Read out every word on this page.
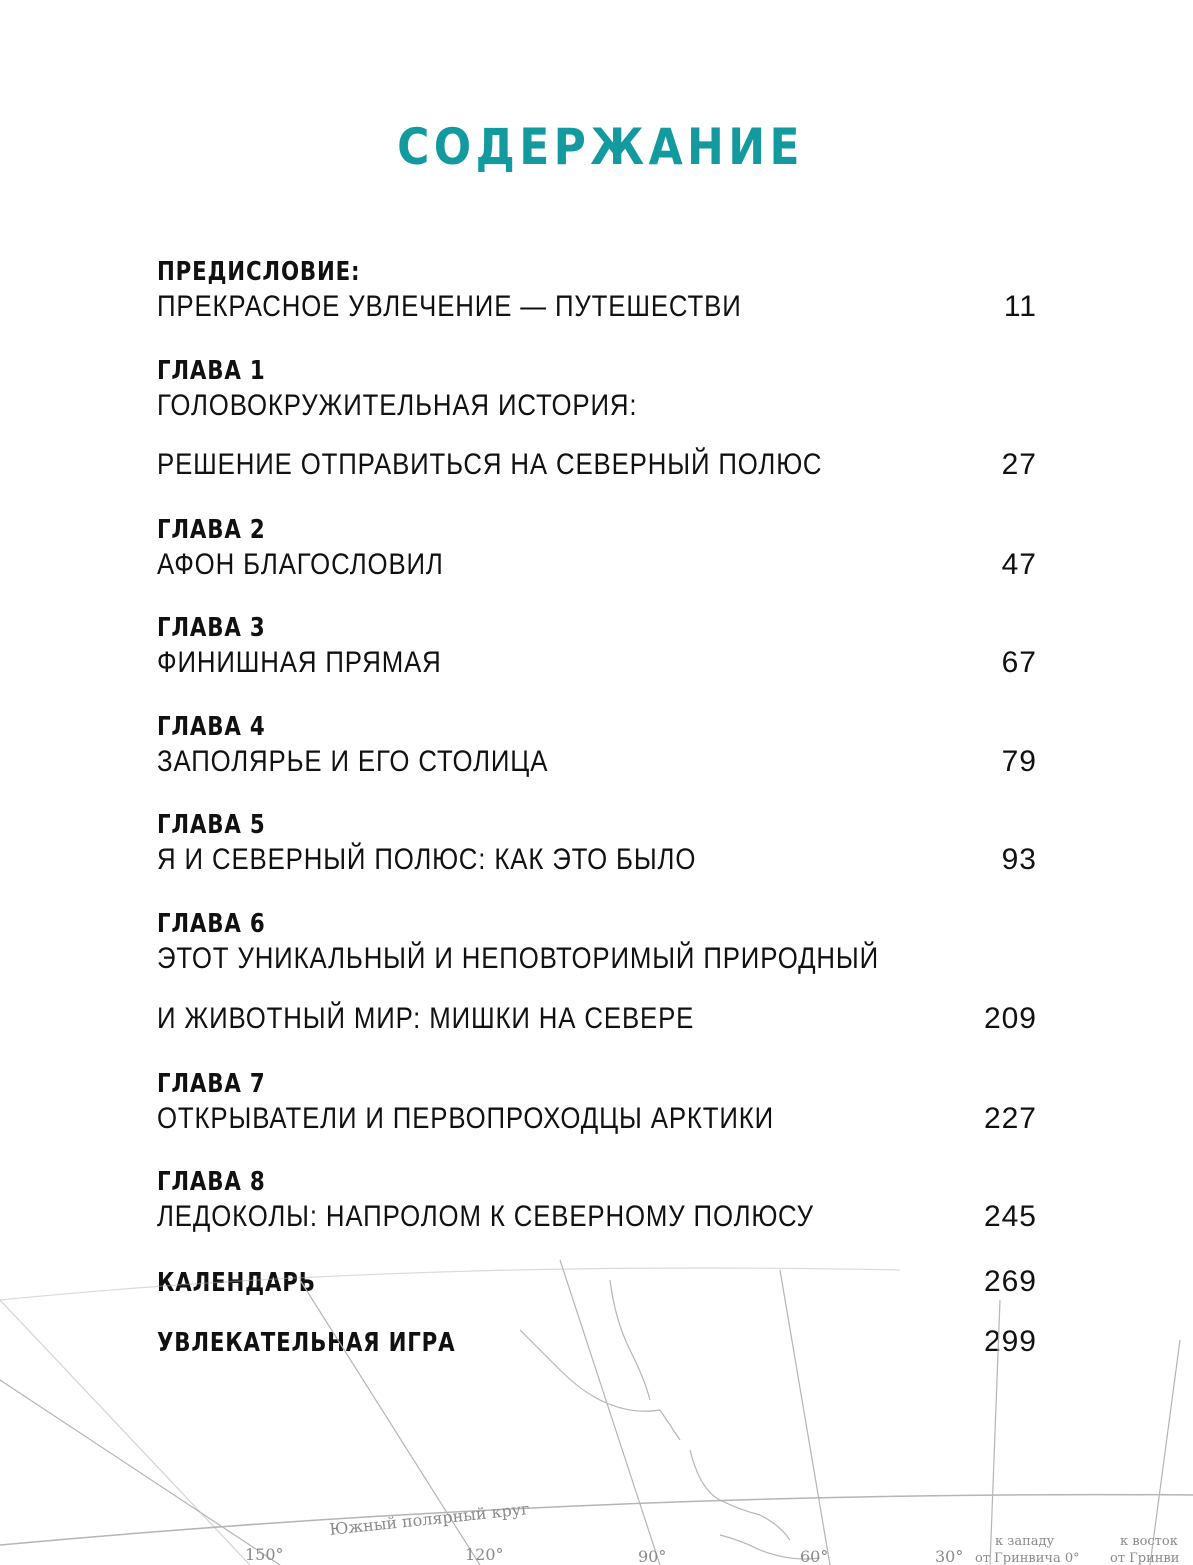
СОДЕРЖАНИЕ
ПРЕДИСЛОВИЕ:
ПРЕКРАСНОЕ УВЛЕЧЕНИЕ — ПУТЕШЕСТВИ	11
ГЛАВА 1
ГОЛОВОКРУЖИТЕЛЬНАЯ ИСТОРИЯ:
РЕШЕНИЕ ОТПРАВИТЬСЯ НА СЕВЕРНЫЙ ПОЛЮС	27
ГЛАВА 2
АФОН БЛАГОСЛОВИЛ	47
ГЛАВА 3
ФИНИШНАЯ ПРЯМАЯ	67
ГЛАВА 4
ЗАПОЛЯРЬЕ И ЕГО СТОЛИЦА	79
ГЛАВА 5
Я И СЕВЕРНЫЙ ПОЛЮС: КАК ЭТО БЫЛО	93
ГЛАВА 6
ЭТОТ УНИКАЛЬНЫЙ И НЕПОВТОРИМЫЙ ПРИРОДНЫЙ
И ЖИВОТНЫЙ МИР: МИШКИ НА СЕВЕРЕ	209
ГЛАВА 7
ОТКРЫВАТЕЛИ И ПЕРВОПРОХОДЦЫ АРКТИКИ	227
ГЛАВА 8
ЛЕДОКОЛЫ: НАПРОЛОМ К СЕВЕРНОМУ ПОЛЮСУ	245
КАЛЕНДАРЬ	269
УВЛЕКАТЕЛЬНАЯ ИГРА	299
Южный полярный круг
150°	120°	90°	60°	30°
к западу
от Гринвича 0°
к восток
от Гринви
